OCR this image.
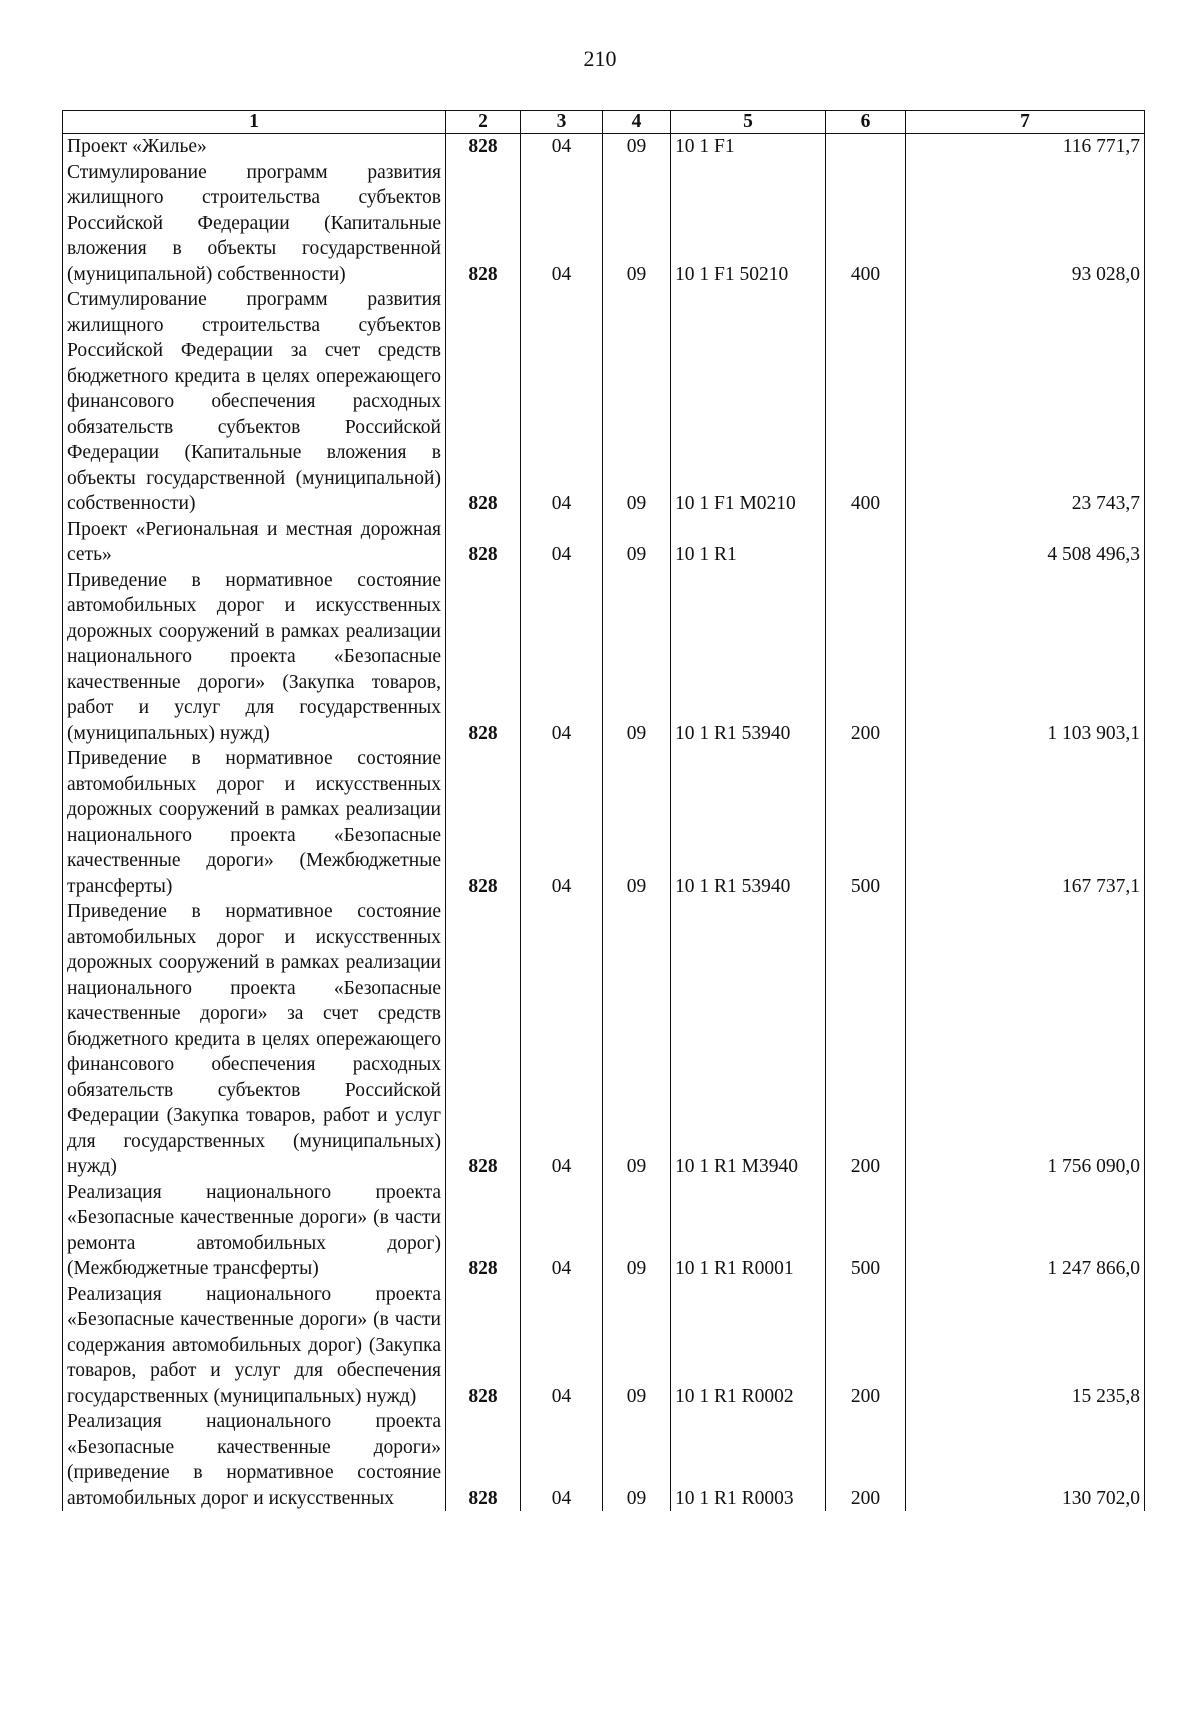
210
1	2	3	4	5	6	7
Проект «Жилье»	828	04	09	10 1 F1		116 771,7
Стимулирование программ развития жилищного строительства субъектов Российской Федерации (Капитальные вложения в объекты государственной (муниципальной) собственности)	828	04	09	10 1 F1 50210	400	93 028,0
Стимулирование программ развития жилищного строительства субъектов Российской Федерации за счет средств бюджетного кредита в целях опережающего финансового обеспечения расходных обязательств субъектов Российской Федерации (Капитальные вложения в объекты государственной (муниципальной) собственности)	828	04	09	10 1 F1 M0210	400	23 743,7
Проект «Региональная и местная дорожная сеть»	828	04	09	10 1 R1		4 508 496,3
Приведение в нормативное состояние автомобильных дорог и искусственных дорожных сооружений в рамках реализации национального проекта «Безопасные качественные дороги» (Закупка товаров, работ и услуг для государственных (муниципальных) нужд)	828	04	09	10 1 R1 53940	200	1 103 903,1
Приведение в нормативное состояние автомобильных дорог и искусственных дорожных сооружений в рамках реализации национального проекта «Безопасные качественные дороги» (Межбюджетные трансферты)	828	04	09	10 1 R1 53940	500	167 737,1
Приведение в нормативное состояние автомобильных дорог и искусственных дорожных сооружений в рамках реализации национального проекта «Безопасные качественные дороги» за счет средств бюджетного кредита в целях опережающего финансового обеспечения расходных обязательств субъектов Российской Федерации (Закупка товаров, работ и услуг для государственных (муниципальных) нужд)	828	04	09	10 1 R1 M3940	200	1 756 090,0
Реализация национального проекта «Безопасные качественные дороги» (в части ремонта автомобильных дорог) (Межбюджетные трансферты)	828	04	09	10 1 R1 R0001	500	1 247 866,0
Реализация национального проекта «Безопасные качественные дороги» (в части содержания автомобильных дорог) (Закупка товаров, работ и услуг для обеспечения государственных (муниципальных) нужд)	828	04	09	10 1 R1 R0002	200	15 235,8
Реализация национального проекта «Безопасные качественные дороги» (приведение в нормативное состояние автомобильных дорог и искусственных	828	04	09	10 1 R1 R0003	200	130 702,0
